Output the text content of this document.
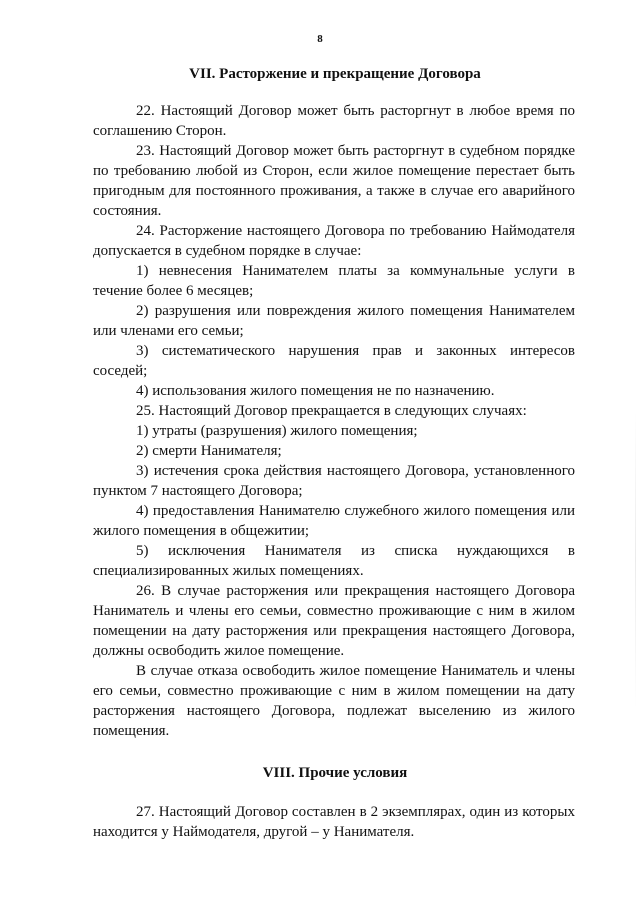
8
VII. Расторжение и прекращение Договора

22. Настоящий Договор может быть расторгнут в любое время по соглашению Сторон.

23. Настоящий Договор может быть расторгнут в судебном порядке по требованию любой из Сторон, если жилое помещение перестает быть пригодным для постоянного проживания, а также в случае его аварийного состояния.

24. Расторжение настоящего Договора по требованию Наймодателя допускается в судебном порядке в случае:

1) невнесения Нанимателем платы за коммунальные услуги в течение более 6 месяцев;

2) разрушения или повреждения жилого помещения Нанимателем или членами его семьи;

3) систематического нарушения прав и законных интересов соседей;

4) использования жилого помещения не по назначению.

25. Настоящий Договор прекращается в следующих случаях:

1) утраты (разрушения) жилого помещения;

2) смерти Нанимателя;

3) истечения срока действия настоящего Договора, установленного пунктом 7 настоящего Договора;

4) предоставления Нанимателю служебного жилого помещения или жилого помещения в общежитии;

5) исключения Нанимателя из списка нуждающихся в специализированных жилых помещениях.

26. В случае расторжения или прекращения настоящего Договора Наниматель и члены его семьи, совместно проживающие с ним в жилом помещении на дату расторжения или прекращения настоящего Договора, должны освободить жилое помещение.

В случае отказа освободить жилое помещение Наниматель и члены его семьи, совместно проживающие с ним в жилом помещении на дату расторжения настоящего Договора, подлежат выселению из жилого помещения.

VIII. Прочие условия

27. Настоящий Договор составлен в 2 экземплярах, один из которых находится у Наймодателя, другой – у Нанимателя.
